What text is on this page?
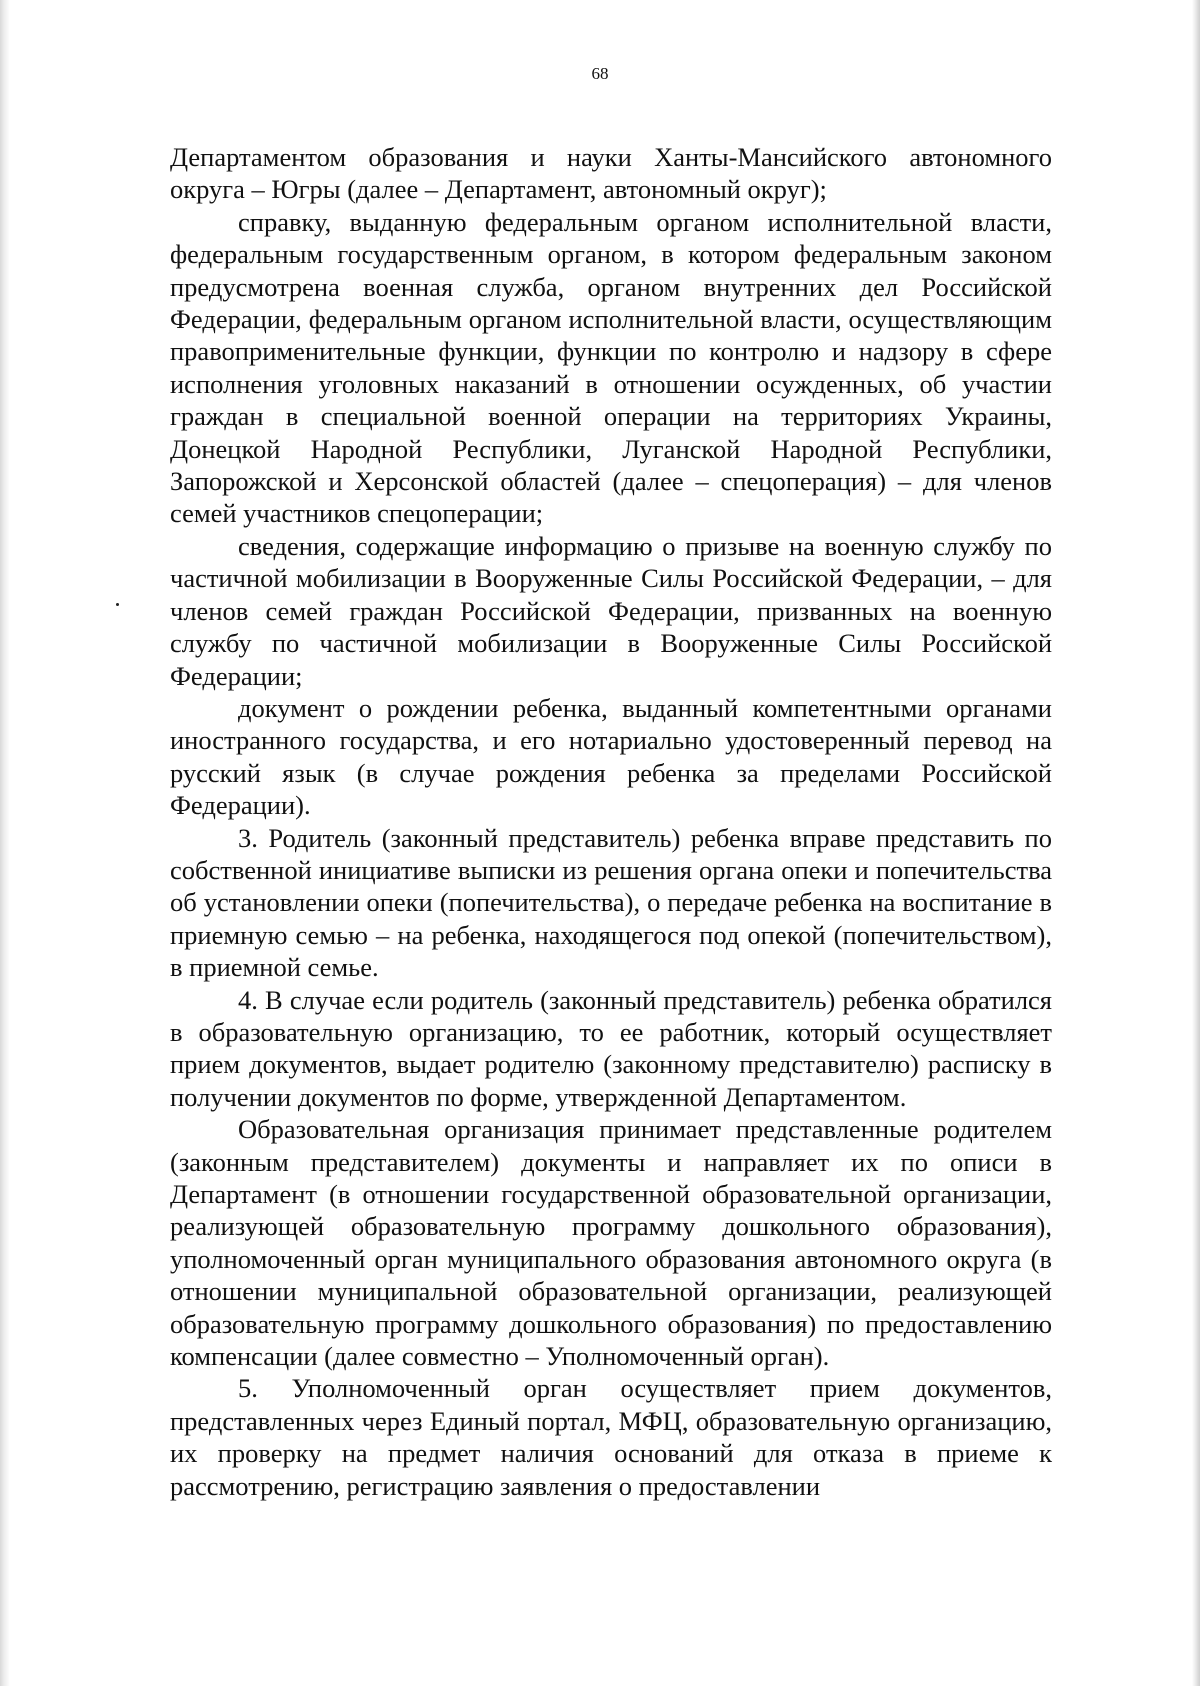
68

Департаментом образования и науки Ханты-Мансийского автономного округа – Югры (далее – Департамент, автономный округ);

справку, выданную федеральным органом исполнительной власти, федеральным государственным органом, в котором федеральным законом предусмотрена военная служба, органом внутренних дел Российской Федерации, федеральным органом исполнительной власти, осуществляющим правоприменительные функции, функции по контролю и надзору в сфере исполнения уголовных наказаний в отношении осужденных, об участии граждан в специальной военной операции на территориях Украины, Донецкой Народной Республики, Луганской Народной Республики, Запорожской и Херсонской областей (далее – спецоперация) – для членов семей участников спецоперации;

сведения, содержащие информацию о призыве на военную службу по частичной мобилизации в Вооруженные Силы Российской Федерации, – для членов семей граждан Российской Федерации, призванных на военную службу по частичной мобилизации в Вооруженные Силы Российской Федерации;

документ о рождении ребенка, выданный компетентными органами иностранного государства, и его нотариально удостоверенный перевод на русский язык (в случае рождения ребенка за пределами Российской Федерации).

3. Родитель (законный представитель) ребенка вправе представить по собственной инициативе выписки из решения органа опеки и попечительства об установлении опеки (попечительства), о передаче ребенка на воспитание в приемную семью – на ребенка, находящегося под опекой (попечительством), в приемной семье.

4. В случае если родитель (законный представитель) ребенка обратился в образовательную организацию, то ее работник, который осуществляет прием документов, выдает родителю (законному представителю) расписку в получении документов по форме, утвержденной Департаментом.

Образовательная организация принимает представленные родителем (законным представителем) документы и направляет их по описи в Департамент (в отношении государственной образовательной организации, реализующей образовательную программу дошкольного образования), уполномоченный орган муниципального образования автономного округа (в отношении муниципальной образовательной организации, реализующей образовательную программу дошкольного образования) по предоставлению компенсации (далее совместно – Уполномоченный орган).

5. Уполномоченный орган осуществляет прием документов, представленных через Единый портал, МФЦ, образовательную организацию, их проверку на предмет наличия оснований для отказа в приеме к рассмотрению, регистрацию заявления о предоставлении
